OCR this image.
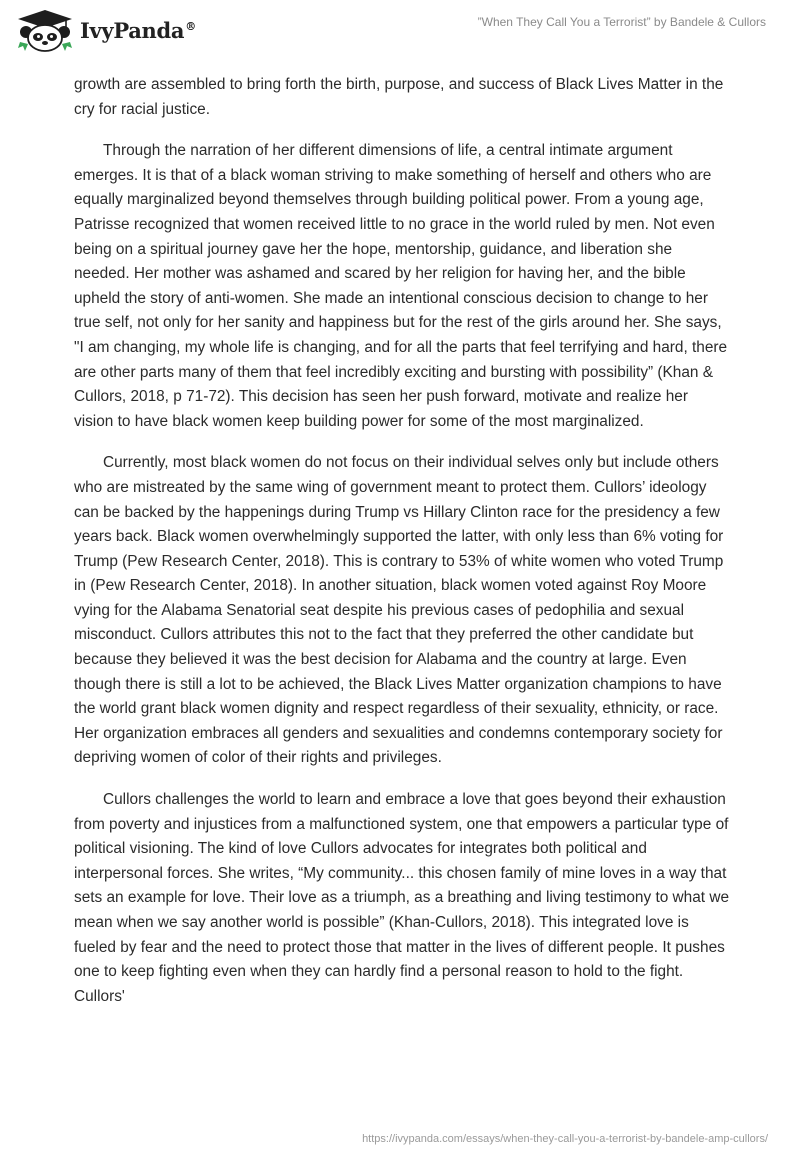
IvyPanda®	”When They Call You a Terrorist” by Bandele & Cullors

growth are assembled to bring forth the birth, purpose, and success of Black Lives Matter in the cry for racial justice.

Through the narration of her different dimensions of life, a central intimate argument emerges. It is that of a black woman striving to make something of herself and others who are equally marginalized beyond themselves through building political power. From a young age, Patrisse recognized that women received little to no grace in the world ruled by men. Not even being on a spiritual journey gave her the hope, mentorship, guidance, and liberation she needed. Her mother was ashamed and scared by her religion for having her, and the bible upheld the story of anti-women. She made an intentional conscious decision to change to her true self, not only for her sanity and happiness but for the rest of the girls around her. She says, "I am changing, my whole life is changing, and for all the parts that feel terrifying and hard, there are other parts many of them that feel incredibly exciting and bursting with possibility” (Khan & Cullors, 2018, p 71-72). This decision has seen her push forward, motivate and realize her vision to have black women keep building power for some of the most marginalized.

Currently, most black women do not focus on their individual selves only but include others who are mistreated by the same wing of government meant to protect them. Cullors’ ideology can be backed by the happenings during Trump vs Hillary Clinton race for the presidency a few years back. Black women overwhelmingly supported the latter, with only less than 6% voting for Trump (Pew Research Center, 2018). This is contrary to 53% of white women who voted Trump in (Pew Research Center, 2018). In another situation, black women voted against Roy Moore vying for the Alabama Senatorial seat despite his previous cases of pedophilia and sexual misconduct. Cullors attributes this not to the fact that they preferred the other candidate but because they believed it was the best decision for Alabama and the country at large. Even though there is still a lot to be achieved, the Black Lives Matter organization champions to have the world grant black women dignity and respect regardless of their sexuality, ethnicity, or race. Her organization embraces all genders and sexualities and condemns contemporary society for depriving women of color of their rights and privileges.

Cullors challenges the world to learn and embrace a love that goes beyond their exhaustion from poverty and injustices from a malfunctioned system, one that empowers a particular type of political visioning. The kind of love Cullors advocates for integrates both political and interpersonal forces. She writes, “My community... this chosen family of mine loves in a way that sets an example for love. Their love as a triumph, as a breathing and living testimony to what we mean when we say another world is possible” (Khan-Cullors, 2018). This integrated love is fueled by fear and the need to protect those that matter in the lives of different people. It pushes one to keep fighting even when they can hardly find a personal reason to hold to the fight. Cullors'

https://ivypanda.com/essays/when-they-call-you-a-terrorist-by-bandele-amp-cullors/
